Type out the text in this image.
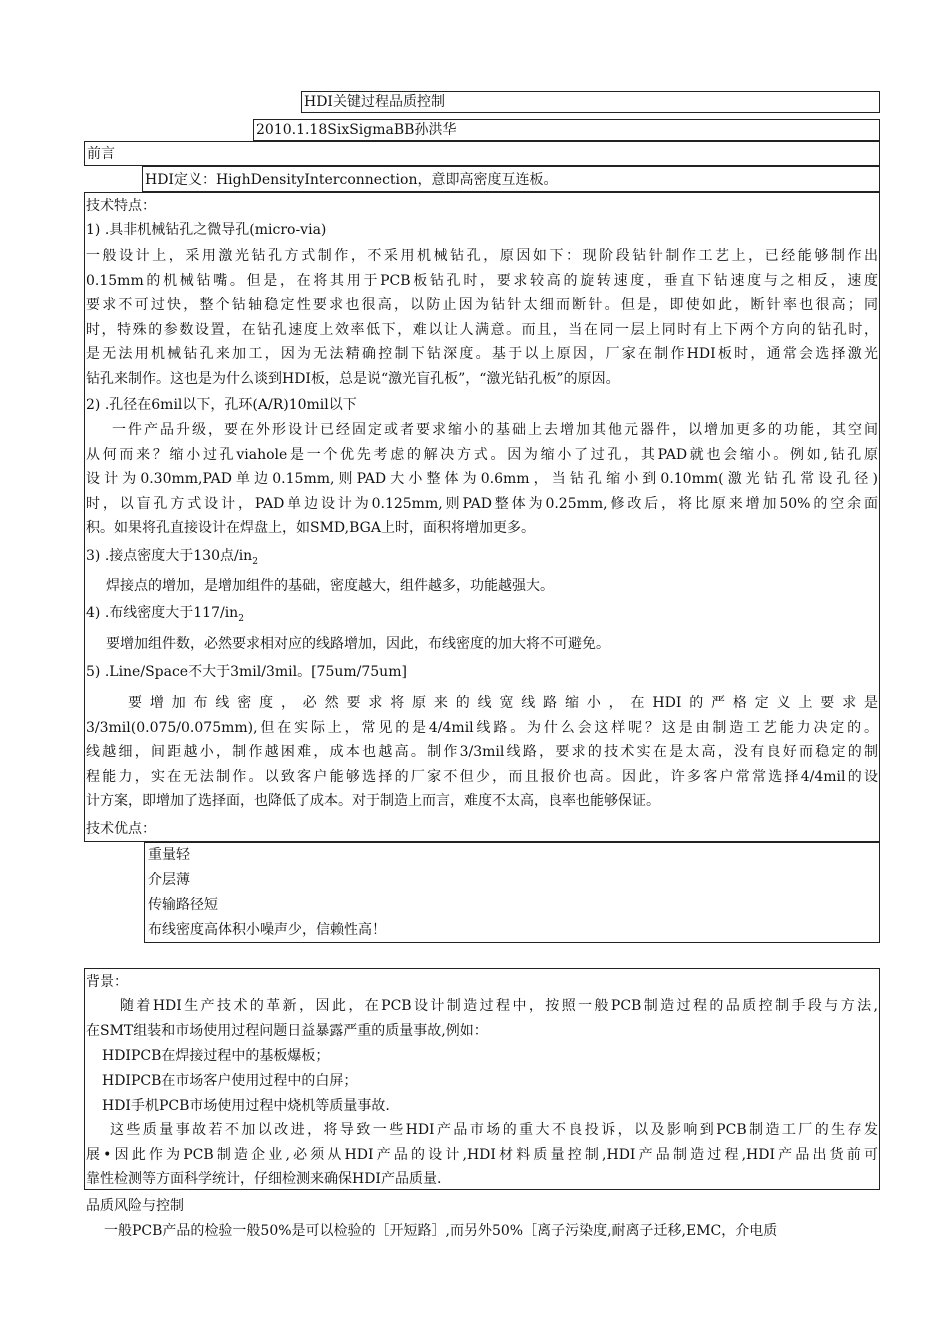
HDI关键过程品质控制
2010.1.18SixSigmaBB孙洪华
前言
HDI定义：HighDensityInterconnection，意即高密度互连板。
技术特点：
1) .具非机械钻孔之微导孔(micro-via)
一般设计上，采用激光钻孔方式制作，不采用机械钻孔，原因如下：现阶段钻针制作工艺上，已经能够制作出
0.15mm的机械钻嘴。但是，在将其用于PCB板钻孔时，要求较高的旋转速度，垂直下钻速度与之相反，速度
要求不可过快，整个钻轴稳定性要求也很高，以防止因为钻针太细而断针。但是，即使如此，断针率也很高；同
时，特殊的参数设置，在钻孔速度上效率低下，难以让人满意。而且，当在同一层上同时有上下两个方向的钻孔时，
是无法用机械钻孔来加工，因为无法精确控制下钻深度。基于以上原因，厂家在制作HDI板时，通常会选择激光
钻孔来制作。这也是为什么谈到HDI板，总是说“激光盲孔板”，“激光钻孔板”的原因。
2) .孔径在6mil以下，孔环(A/R)10mil以下
一件产品升级，要在外形设计已经固定或者要求缩小的基础上去增加其他元器件，以增加更多的功能，其空间
从何而来？缩小过孔viahole是一个优先考虑的解决方式。因为缩小了过孔，其PAD就也会缩小。例如,钻孔原
设计为0.30mm,PAD单边0.15mm,则PAD大小整体为0.6mm，当钻孔缩小到0.10mm(激光钻孔常设孔径)
时，以盲孔方式设计，PAD单边设计为0.125mm,则PAD整体为0.25mm,修改后，将比原来增加50%的空余面
积。如果将孔直接设计在焊盘上，如SMD,BGA上时，面积将增加更多。
3) .接点密度大于130点$/in_2$
焊接点的增加，是增加组件的基础，密度越大，组件越多，功能越强大。
4) .布线密度大于$117/in_2$
要增加组件数，必然要求相对应的线路增加，因此，布线密度的加大将不可避免。
5) .Line/Space不大于3mil/3mil。[75um/75um]
要增加布线密度，必然要求将原来的线宽线路缩小，在HDI的严格定义上要求是
3/3mil(0.075/0.075mm),但在实际上，常见的是4/4mil线路。为什么会这样呢？这是由制造工艺能力决定的。
线越细，间距越小，制作越困难，成本也越高。制作3/3mil线路，要求的技术实在是太高，没有良好而稳定的制
程能力，实在无法制作。以致客户能够选择的厂家不但少，而且报价也高。因此，许多客户常常选择4/4mil的设
计方案，即增加了选择面，也降低了成本。对于制造上而言，难度不太高，良率也能够保证。
技术优点：
重量轻
介层薄
传输路径短
布线密度高体积小噪声少，信赖性高！
背景：
随着HDI生产技术的革新，因此，在PCB设计制造过程中，按照一般PCB制造过程的品质控制手段与方法,
在SMT组装和市场使用过程问题日益暴露严重的质量事故,例如：
HDIPCB在焊接过程中的基板爆板；
HDIPCB在市场客户使用过程中的白屏；
HDI手机PCB市场使用过程中烧机等质量事故.
这些质量事故若不加以改进，将导致一些HDI产品市场的重大不良投诉，以及影响到PCB制造工厂的生存发
展•因此作为PCB制造企业,必须从HDI产品的设计,HDI材料质量控制,HDI产品制造过程,HDI产品出货前可
靠性检测等方面科学统计，仔细检测来确保HDI产品质量.
品质风险与控制
一般PCB产品的检验一般50%是可以检验的［开短路］,而另外50%［离子污染度,耐离子迁移,EMC，介电质
